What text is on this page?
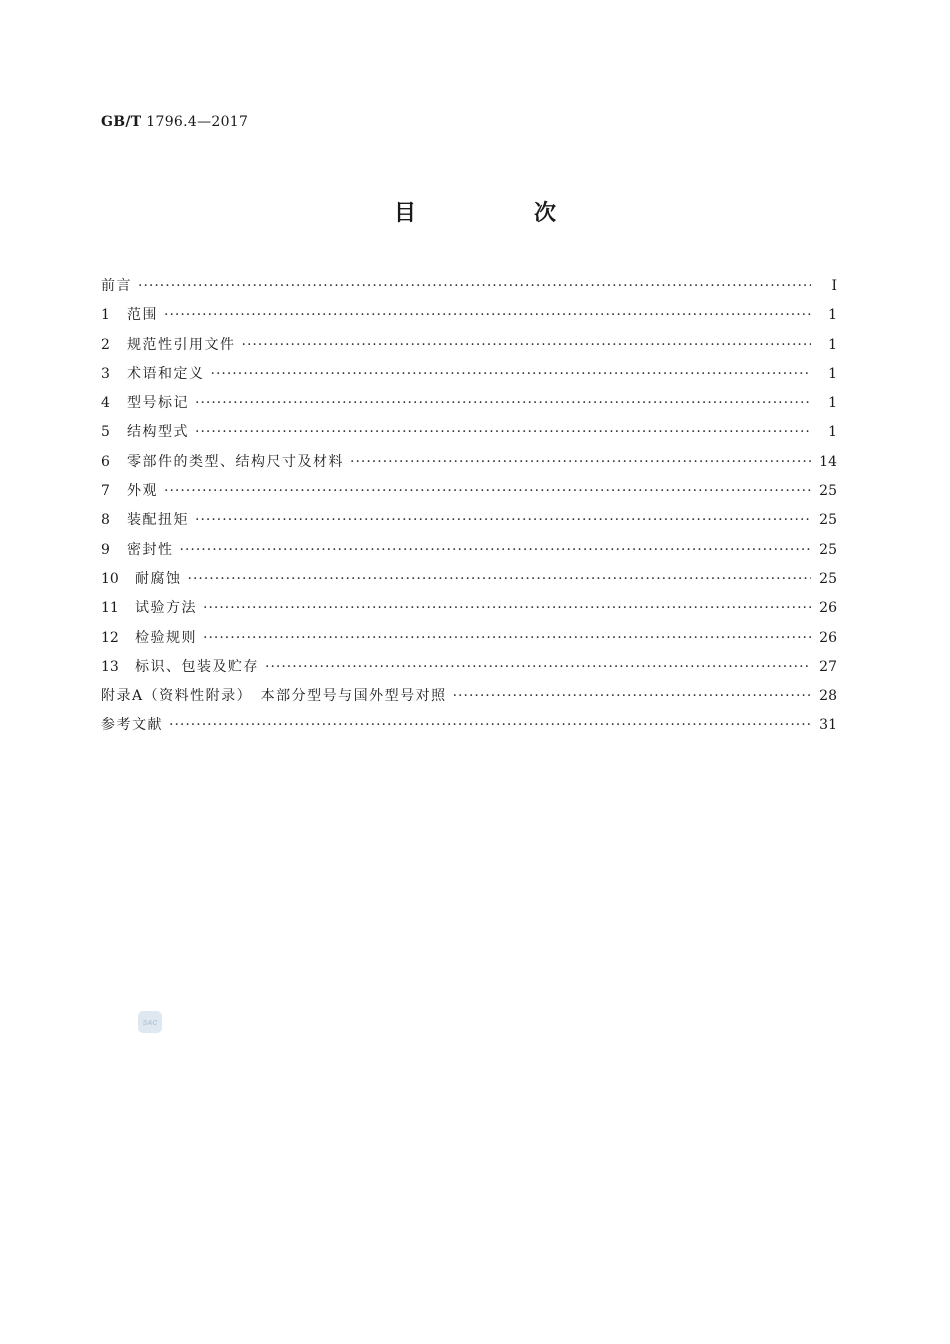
GB/T 1796.4—2017
目　次
前言 ·····	Ⅰ
1	范围 ·····	1
2	规范性引用文件 ·····	1
3	术语和定义 ·····	1
4	型号标记 ·····	1
5	结构型式 ·····	1
6	零部件的类型、结构尺寸及材料 ·····	14
7	外观 ·····	25
8	装配扭矩 ·····	25
9	密封性 ·····	25
10	耐腐蚀 ·····	25
11	试验方法 ·····	26
12	检验规则 ·····	26
13	标识、包装及贮存 ·····	27
附录A（资料性附录）　本部分型号与国外型号对照 ·····	28
参考文献 ·····	31
SAC
